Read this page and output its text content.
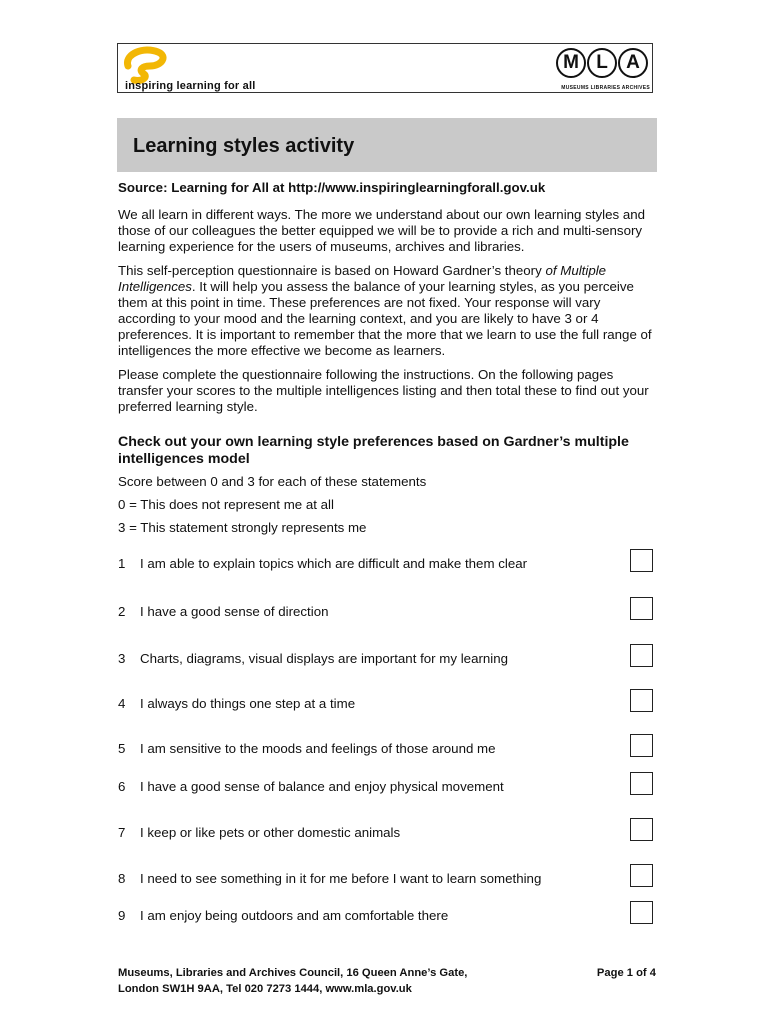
inspiring learning for all
M L A
MUSEUMS LIBRARIES ARCHIVES
Learning styles activity

Source: Learning for All at http://www.inspiringlearningforall.gov.uk

We all learn in different ways. The more we understand about our own learning styles and those of our colleagues the better equipped we will be to provide a rich and multi-sensory learning experience for the users of museums, archives and libraries.

This self-perception questionnaire is based on Howard Gardner’s theory of Multiple Intelligences. It will help you assess the balance of your learning styles, as you perceive them at this point in time. These preferences are not fixed. Your response will vary according to your mood and the learning context, and you are likely to have 3 or 4 preferences. It is important to remember that the more that we learn to use the full range of intelligences the more effective we become as learners.

Please complete the questionnaire following the instructions. On the following pages transfer your scores to the multiple intelligences listing and then total these to find out your preferred learning style.

Check out your own learning style preferences based on Gardner’s multiple intelligences model

Score between 0 and 3 for each of these statements

0 = This does not represent me at all

3 = This statement strongly represents me

1 I am able to explain topics which are difficult and make them clear
2 I have a good sense of direction
3 Charts, diagrams, visual displays are important for my learning
4 I always do things one step at a time
5 I am sensitive to the moods and feelings of those around me
6 I have a good sense of balance and enjoy physical movement
7 I keep or like pets or other domestic animals
8 I need to see something in it for me before I want to learn something
9 I am enjoy being outdoors and am comfortable there
Museums, Libraries and Archives Council, 16 Queen Anne’s Gate,
London SW1H 9AA, Tel 020 7273 1444, www.mla.gov.uk
Page 1 of 4
